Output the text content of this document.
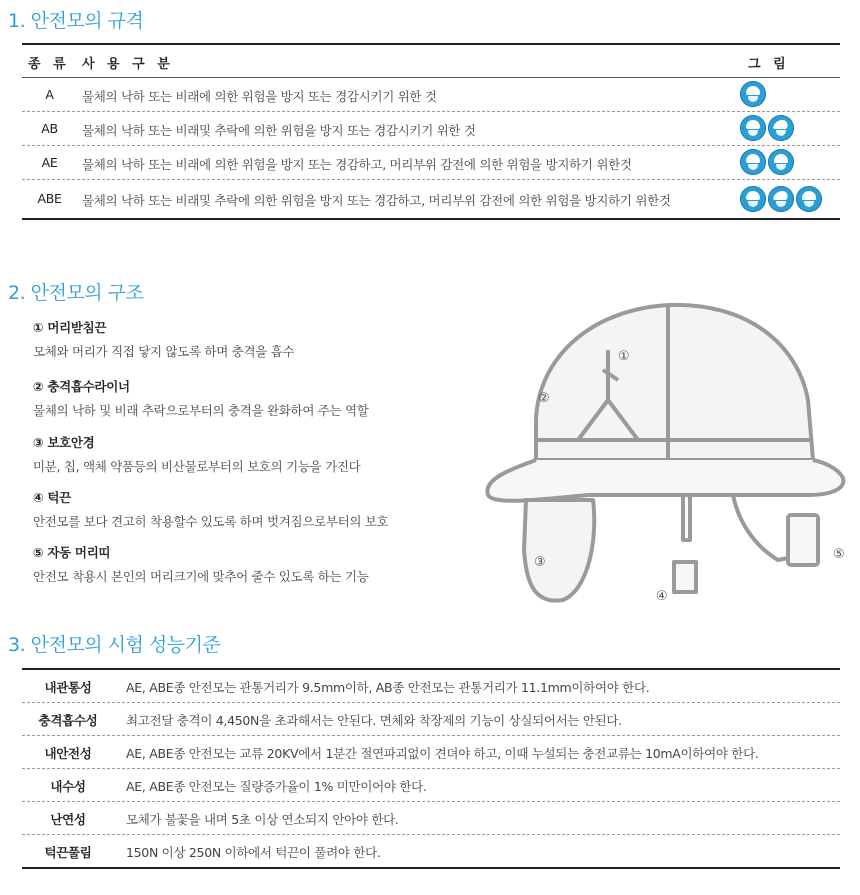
1. 안전모의 규격
종 류 사 용 구 분	그 림
A	물체의 낙하 또는 비래에 의한 위험을 방지 또는 경감시키기 위한 것
AB	물체의 낙하 또는 비래및 추락에 의한 위험을 방지 또는 경감시키기 위한 것
AE	물체의 낙하 또는 비래에 의한 위험을 방지 또는 경감하고, 머리부위 감전에 의한 위험을 방지하기 위한것
ABE	물체의 낙하 또는 비래및 추락에 의한 위험을 방지 또는 경감하고, 머리부위 감전에 의한 위험을 방지하기 위한것
2. 안전모의 구조
① 머리받침끈
모체와 머리가 직접 닿지 않도록 하며 충격을 흡수
② 충격흡수라이너
물체의 낙하 및 비래 추락으로부터의 충격을 완화하여 주는 역할
③ 보호안경
미분, 칩, 액체 약품등의 비산물로부터의 보호의 기능을 가진다
④ 턱끈
안전모를 보다 견고히 착용할수 있도록 하며 벗겨짐으로부터의 보호
⑤ 자동 머리띠
안전모 착용시 본인의 머리크기에 맞추어 줄수 있도록 하는 기능
①
②
③
④
⑤
3. 안전모의 시험 성능기준
내관통성	AE, ABE종 안전모는 관통거리가 9.5mm이하, AB종 안전모는 관통거리가 11.1mm이하여야 한다.
충격흡수성	최고전달 충격이 4,450N을 초과해서는 안된다. 면체와 착장제의 기능이 상실되어서는 안된다.
내안전성	AE, ABE종 안전모는 교류 20KV에서 1분간 절연파괴없이 견뎌야 하고, 이때 누설되는 충전교류는 10mA이하여야 한다.
내수성	AE, ABE종 안전모는 질량증가율이 1% 미만이어야 한다.
난연성	모체가 불꽃을 내며 5초 이상 연소되지 안아야 한다.
턱끈풀림	150N 이상 250N 이하에서 턱끈이 풀려야 한다.
